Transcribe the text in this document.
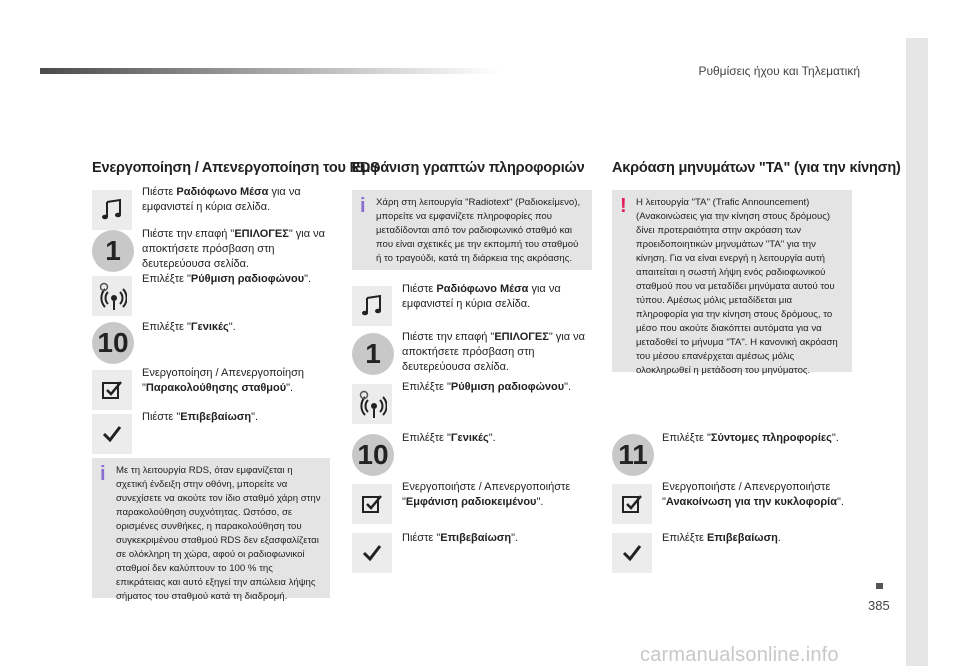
Ρυθμίσεις ήχου και Τηλεματική
385
carmanualsonline.info
Ενεργοποίηση / Απενεργοποίηση του RDS
Πιέστε Ραδιόφωνο Μέσα για να εμφανιστεί η κύρια σελίδα.
1
Πιέστε την επαφή "ΕΠΙΛΟΓΕΣ" για να αποκτήσετε πρόσβαση στη δευτερεύουσα σελίδα.
Επιλέξτε "Ρύθμιση ραδιοφώνου".
10 Επιλέξτε "Γενικές".
Ενεργοποίηση / Απενεργοποίηση "Παρακολούθησης σταθμού".
Πιέστε "Επιβεβαίωση".
i Με τη λειτουργία RDS, όταν εμφανίζεται η σχετική ένδειξη στην οθόνη, μπορείτε να συνεχίσετε να ακούτε τον ίδιο σταθμό χάρη στην παρακολούθηση συχνότητας. Ωστόσο, σε ορισμένες συνθήκες, η παρακολούθηση του συγκεκριμένου σταθμού RDS δεν εξασφαλίζεται σε ολόκληρη τη χώρα, αφού οι ραδιοφωνικοί σταθμοί δεν καλύπτουν το 100 % της επικράτειας και αυτό εξηγεί την απώλεια λήψης σήματος του σταθμού κατά τη διαδρομή.
Εμφάνιση γραπτών πληροφοριών
i Χάρη στη λειτουργία "Radiotext" (Ραδιοκείμενο), μπορείτε να εμφανίζετε πληροφορίες που μεταδίδονται από τον ραδιοφωνικό σταθμό και που είναι σχετικές με την εκπομπή του σταθμού ή το τραγούδι, κατά τη διάρκεια της ακρόασης.
Πιέστε Ραδιόφωνο Μέσα για να εμφανιστεί η κύρια σελίδα.
1
Πιέστε την επαφή "ΕΠΙΛΟΓΕΣ" για να αποκτήσετε πρόσβαση στη δευτερεύουσα σελίδα.
Επιλέξτε "Ρύθμιση ραδιοφώνου".
10
Επιλέξτε "Γενικές".
Ενεργοποιήστε / Απενεργοποιήστε "Εμφάνιση ραδιοκειμένου".
Πιέστε "Επιβεβαίωση".
Ακρόαση μηνυμάτων "TA" (για την κίνηση)
! Η λειτουργία "TA" (Trafic Announcement) (Ανακοινώσεις για την κίνηση στους δρόμους) δίνει προτεραιότητα στην ακρόαση των προειδοποιητικών μηνυμάτων "TA" για την κίνηση. Για να είναι ενεργή η λειτουργία αυτή απαιτείται η σωστή λήψη ενός ραδιοφωνικού σταθμού που να μεταδίδει μηνύματα αυτού του τύπου. Αμέσως μόλις μεταδίδεται μια πληροφορία για την κίνηση στους δρόμους, το μέσο που ακούτε διακόπτει αυτόματα για να μεταδοθεί το μήνυμα "TA". Η κανονική ακρόαση του μέσου επανέρχεται αμέσως μόλις ολοκληρωθεί η μετάδοση του μηνύματος.
11
Επιλέξτε "Σύντομες πληροφορίες".
Ενεργοποιήστε / Απενεργοποιήστε "Ανακοίνωση για την κυκλοφορία".
Επιλέξτε Επιβεβαίωση.
